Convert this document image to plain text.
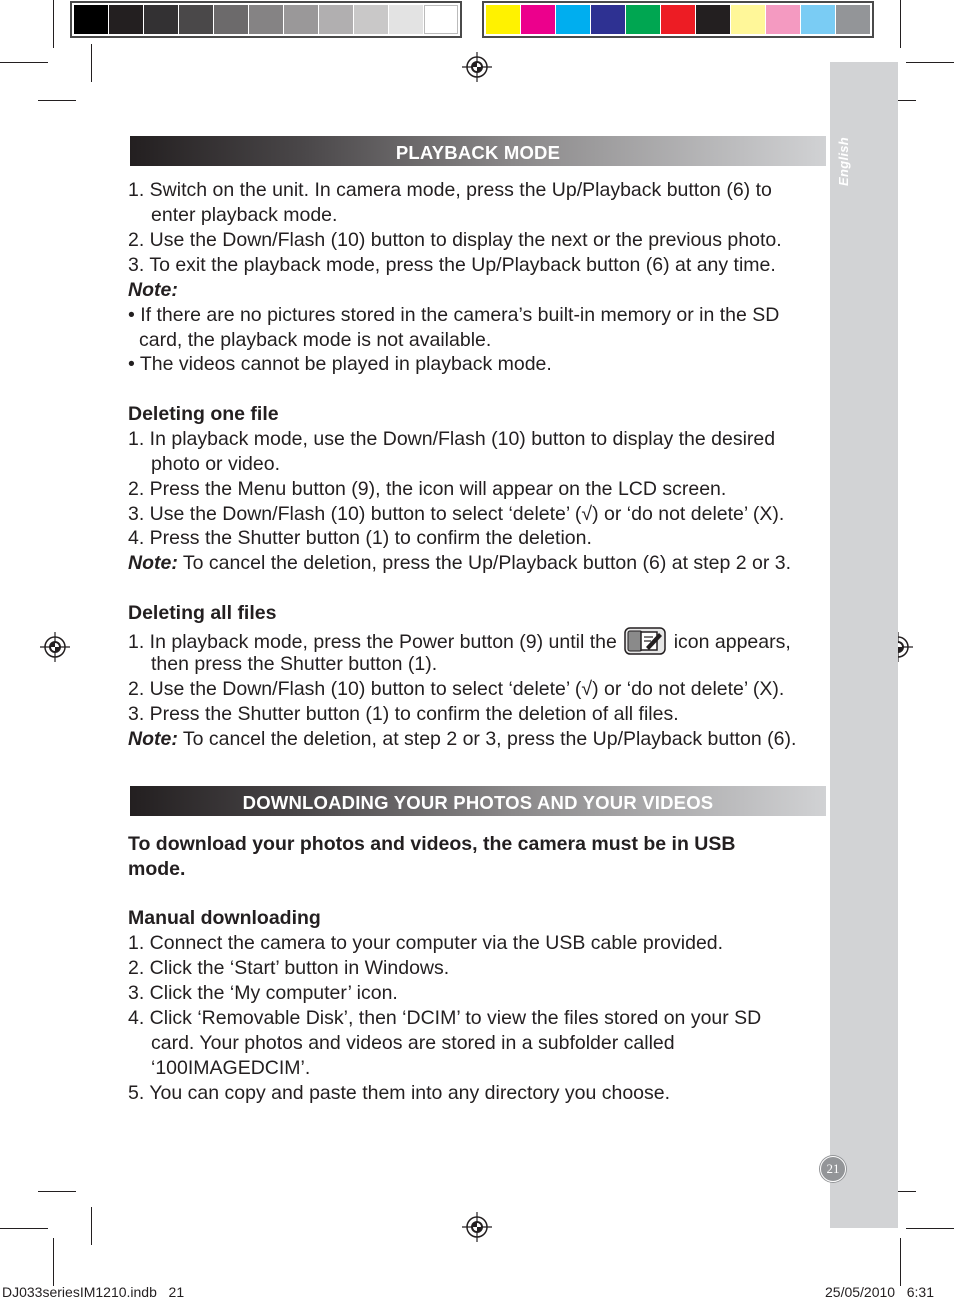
English
21
PLAYBACK MODE
1. Switch on the unit. In camera mode, press the Up/Playback button (6) to
enter playback mode.
2. Use the Down/Flash (10) button to display the next or the previous photo.
3. To exit the playback mode, press the Up/Playback button (6) at any time.
Note:
• If there are no pictures stored in the camera’s built-in memory or in the SD
card, the playback mode is not available.
• The videos cannot be played in playback mode.
Deleting one file
1. In playback mode, use the Down/Flash (10) button to display the desired
photo or video.
2. Press the Menu button (9), the icon will appear on the LCD screen.
3. Use the Down/Flash (10) button to select ‘delete’ (√) or ‘do not delete’ (X).
4. Press the Shutter button (1) to confirm the deletion.
Note: To cancel the deletion, press the Up/Playback button (6) at step 2 or 3.
Deleting all files
1. In playback mode, press the Power button (9) until the	icon appears,
then press the Shutter button (1).
2. Use the Down/Flash (10) button to select ‘delete’ (√) or ‘do not delete’ (X).
3. Press the Shutter button (1) to confirm the deletion of all files.
Note: To cancel the deletion, at step 2 or 3, press the Up/Playback button (6).
DOWNLOADING YOUR PHOTOS AND YOUR VIDEOS
To download your photos and videos, the camera must be in USB
mode.
Manual downloading
1. Connect the camera to your computer via the USB cable provided.
2. Click the ‘Start’ button in Windows.
3. Click the ‘My computer’ icon.
4. Click ‘Removable Disk’, then ‘DCIM’ to view the files stored on your SD
card. Your photos and videos are stored in a subfolder called
‘100IMAGEDCIM’.
5. You can copy and paste them into any directory you choose.
DJ033seriesIM1210.indb   21	25/05/2010   6:31
